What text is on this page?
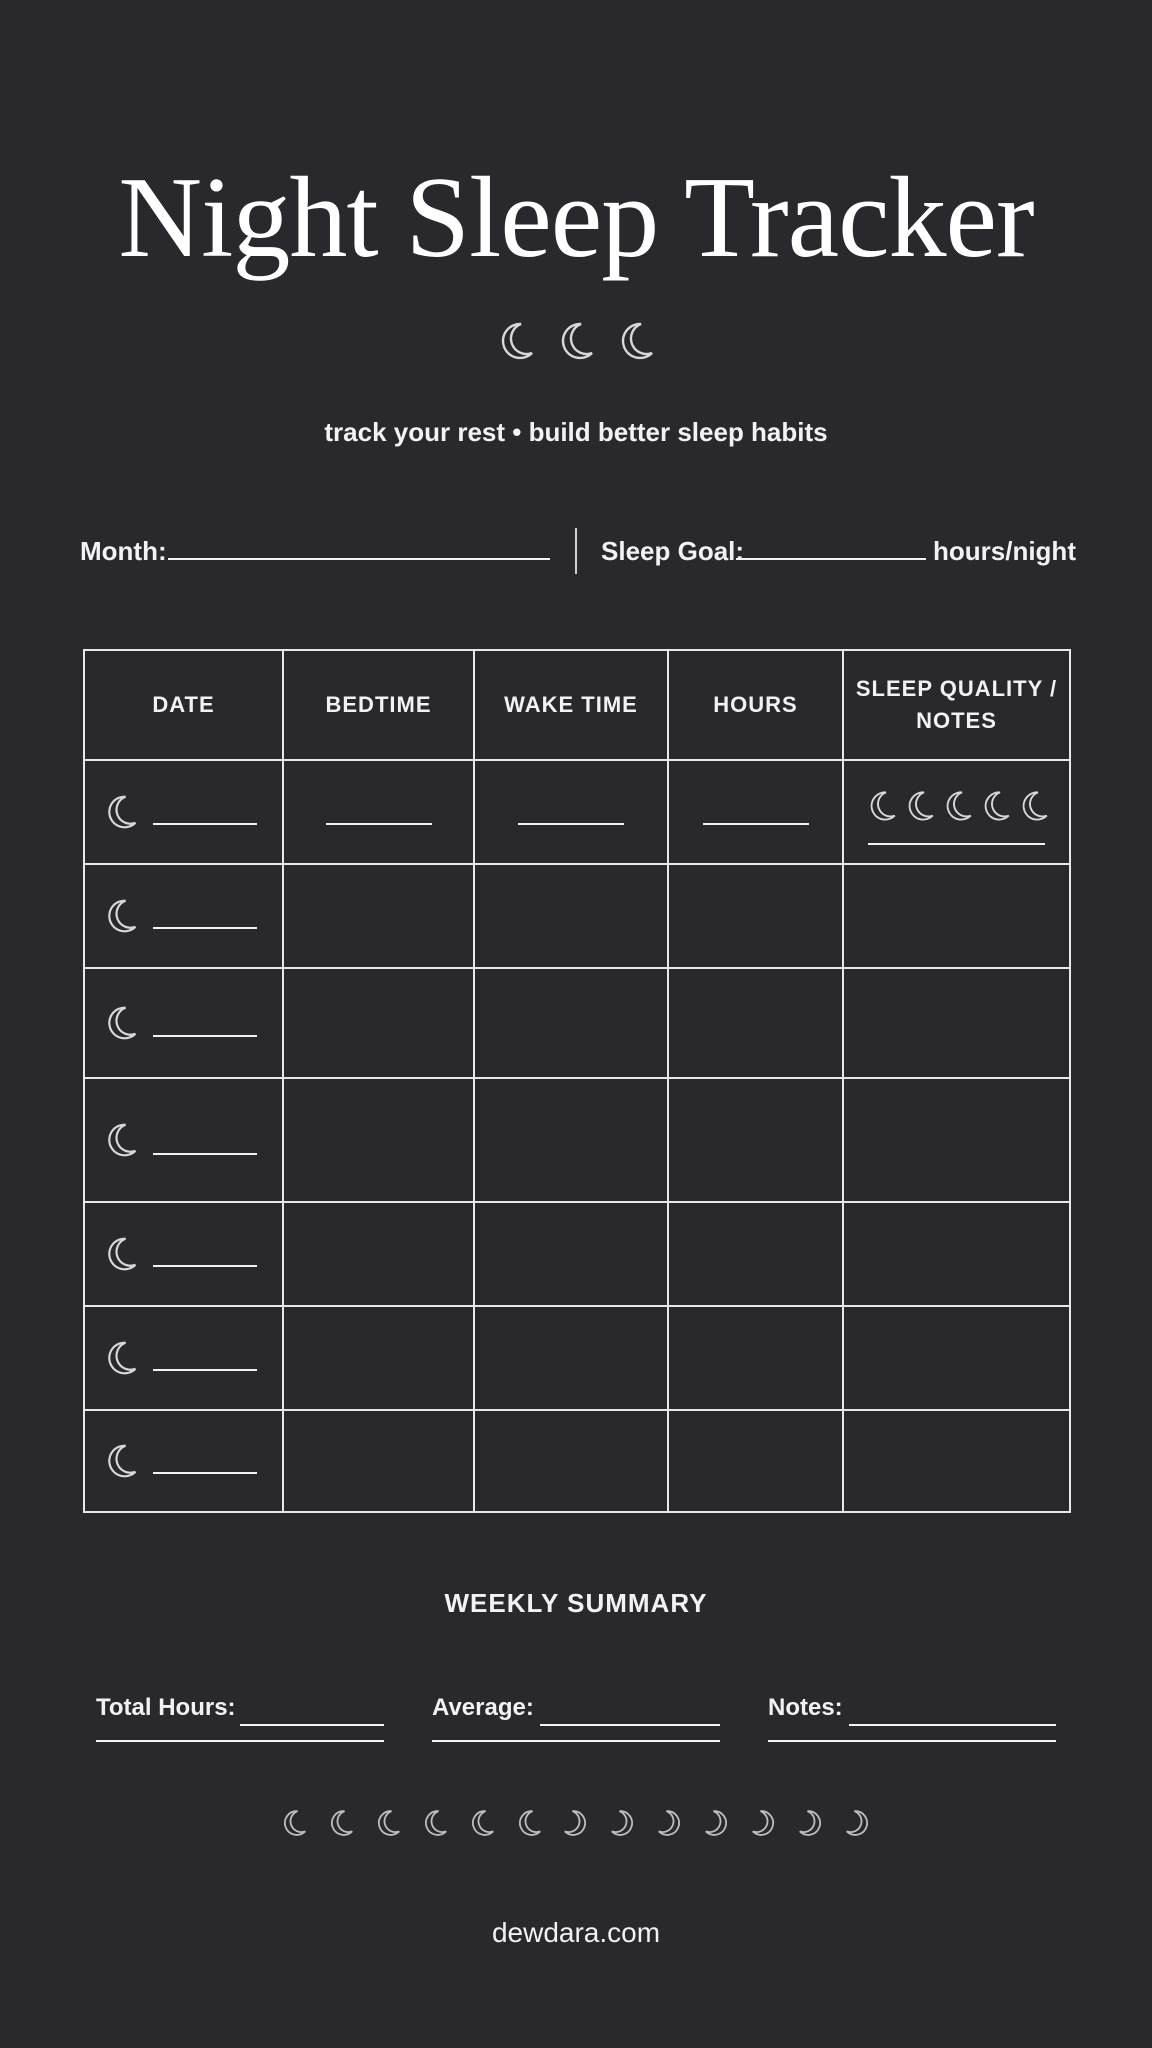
Night Sleep Tracker
track your rest • build better sleep habits
Month:	Sleep Goal:	hours/night
DATE	BEDTIME	WAKE TIME	HOURS	SLEEP QUALITY / NOTES

WEEKLY SUMMARY
Total Hours:	Average:	Notes:
dewdara.com
